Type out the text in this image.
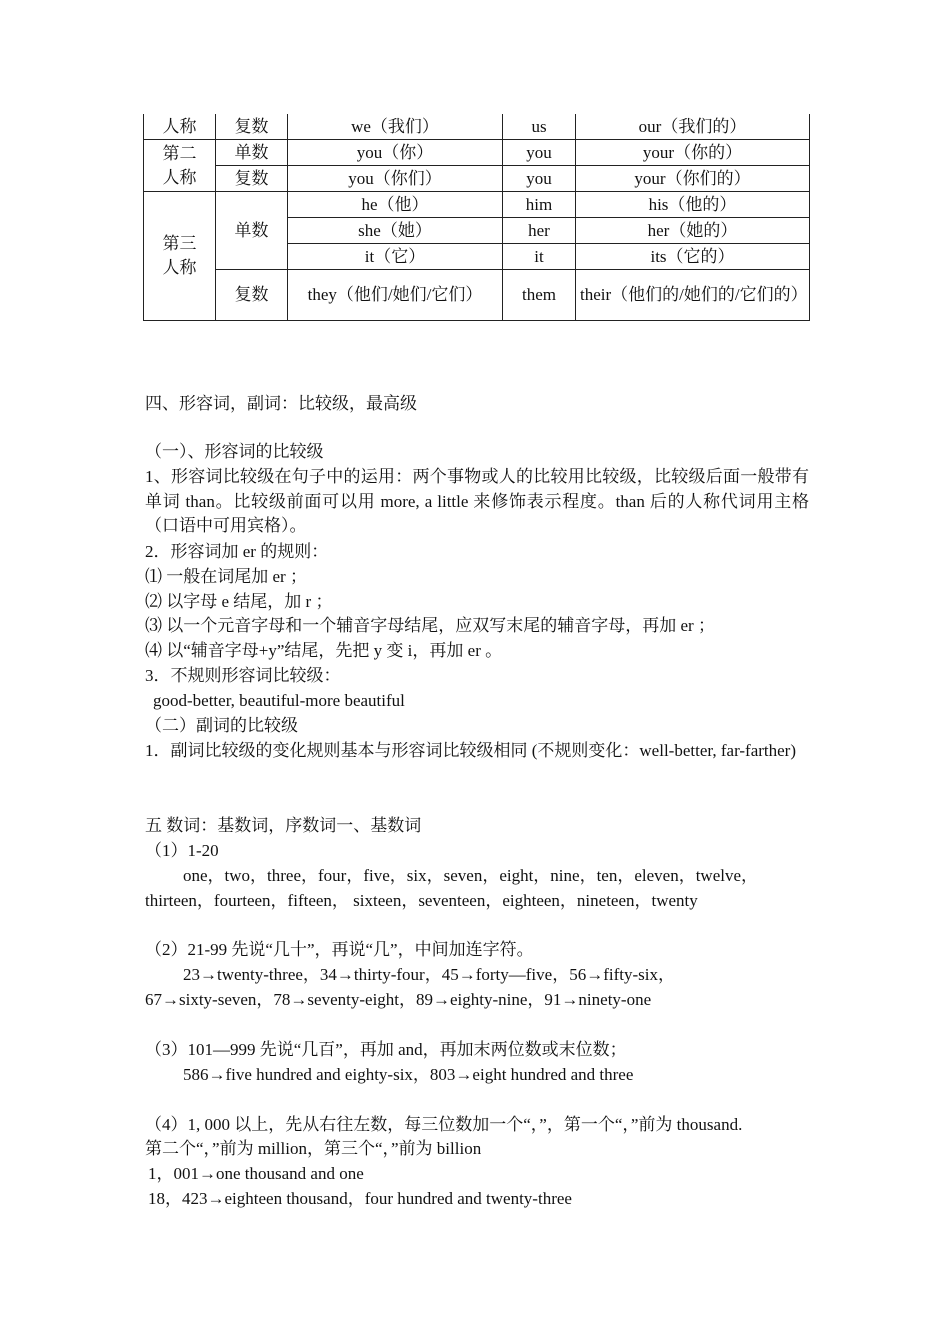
人称	复数	we（我们）	us	our（我们的）

第二
人称	单数	you（你）	you	your（你的）
	复数	you（你们）	you	your（你们的）

第三
人称	单数	he（他）	him	his（他的）
		she（她）	her	her（她的）
		it（它）	it	its（它的）
	复数	they（他们/她们/它们）	them	their（他们的/她们的/它们的）
四、形容词，副词：比较级，最高级
（一）、形容词的比较级
1、形容词比较级在句子中的运用：两个事物或人的比较用比较级，比较级后面一般带有单词 than。比较级前面可以用 more, a little 来修饰表示程度。than 后的人称代词用主格（口语中可用宾格）。
2．形容词加 er 的规则：
⑴ 一般在词尾加 er ；
⑵ 以字母 e 结尾，加 r ；
⑶ 以一个元音字母和一个辅音字母结尾，应双写末尾的辅音字母，再加 er ；
⑷ 以“辅音字母+y”结尾，先把 y 变 i，再加 er 。
3．不规则形容词比较级：
good-better, beautiful-more beautiful
（二）副词的比较级
1．副词比较级的变化规则基本与形容词比较级相同 (不规则变化：well-better, far-farther)
五 数词：基数词，序数词一、基数词
（1）1-20
one，two，three，four，five，six，seven，eight，nine，ten，eleven，twelve，
thirteen，fourteen，fifteen， sixteen，seventeen，eighteen，nineteen，twenty
（2）21-99 先说“几十”，再说“几”，中间加连字符。
23→twenty-three，34→thirty-four，45→forty—five，56→fifty-six，
67→sixty-seven，78→seventy-eight，89→eighty-nine，91→ninety-one
（3）101—999 先说“几百”，再加 and，再加末两位数或末位数；
586→five hundred and eighty-six，803→eight hundred and three
（4）1, 000 以上，先从右往左数，每三位数加一个“，”，第一个“，”前为 thousand.
第二个“，”前为 million，第三个“，”前为 billion
1，001→one thousand and one
18，423→eighteen thousand，four hundred and twenty-three
